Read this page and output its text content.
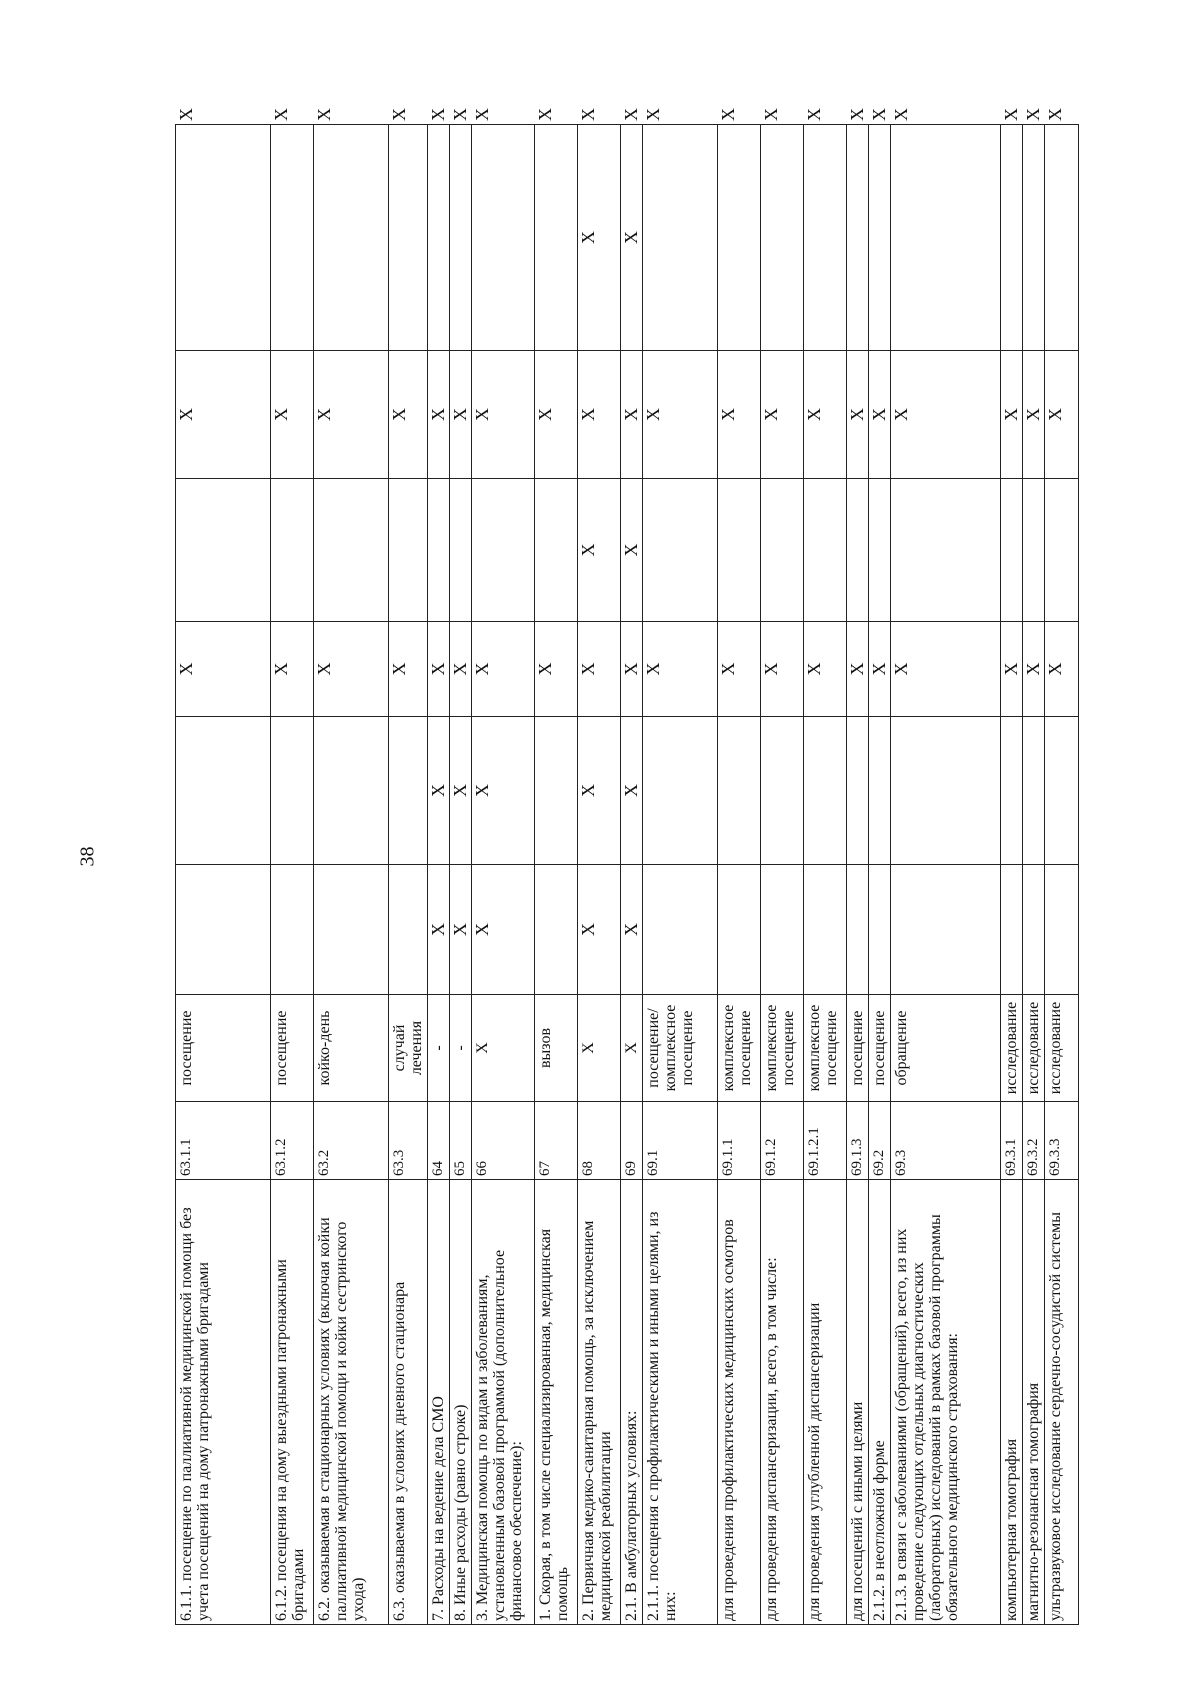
38
6.1.1. посещение по паллиативной медицинской помощи без учета посещений на дому патронажными бригадами	63.1.1	посещение			X		X		X
6.1.2. посещения на дому выездными патронажными бригадами	63.1.2	посещение			X		X		X
6.2. оказываемая в стационарных условиях (включая койки паллиативной медицинской помощи и койки сестринского ухода)	63.2	койко-день			X		X		X
6.3. оказываемая в условиях дневного стационара	63.3	случай лечения			X		X		X
7. Расходы на ведение дела СМО	64	-	X	X	X		X		X
8. Иные расходы (равно строке)	65	-	X	X	X		X		X
3. Медицинская помощь по видам и заболеваниям, установленным базовой программой (дополнительное финансовое обеспечение):	66	X	X	X	X		X		X
1. Скорая, в том числе специализированная, медицинская помощь	67	вызов			X		X		X
2. Первичная медико-санитарная помощь, за исключением медицинской реабилитации	68	X	X	X	X	X	X	X	X
2.1. В амбулаторных условиях:	69	X	X	X	X	X	X	X	X
2.1.1. посещения с профилактическими и иными целями, из них:	69.1	посещение/ комплексное посещение			X		X		X
для проведения профилактических медицинских осмотров	69.1.1	комплексное посещение			X		X		X
для проведения диспансеризации, всего, в том числе:	69.1.2	комплексное посещение			X		X		X
для проведения углубленной диспансеризации	69.1.2.1	комплексное посещение			X		X		X
для посещений с иными целями	69.1.3	посещение			X		X		X
2.1.2. в неотложной форме	69.2	посещение			X		X		X
2.1.3. в связи с заболеваниями (обращений), всего, из них проведение следующих отдельных диагностических (лабораторных) исследований в рамках базовой программы обязательного медицинского страхования:	69.3	обращение			X		X		X
компьютерная томография	69.3.1	исследование			X		X		X
магнитно-резонансная томография	69.3.2	исследование			X		X		X
ультразвуковое исследование сердечно-сосудистой системы	69.3.3	исследование			X		X		X
